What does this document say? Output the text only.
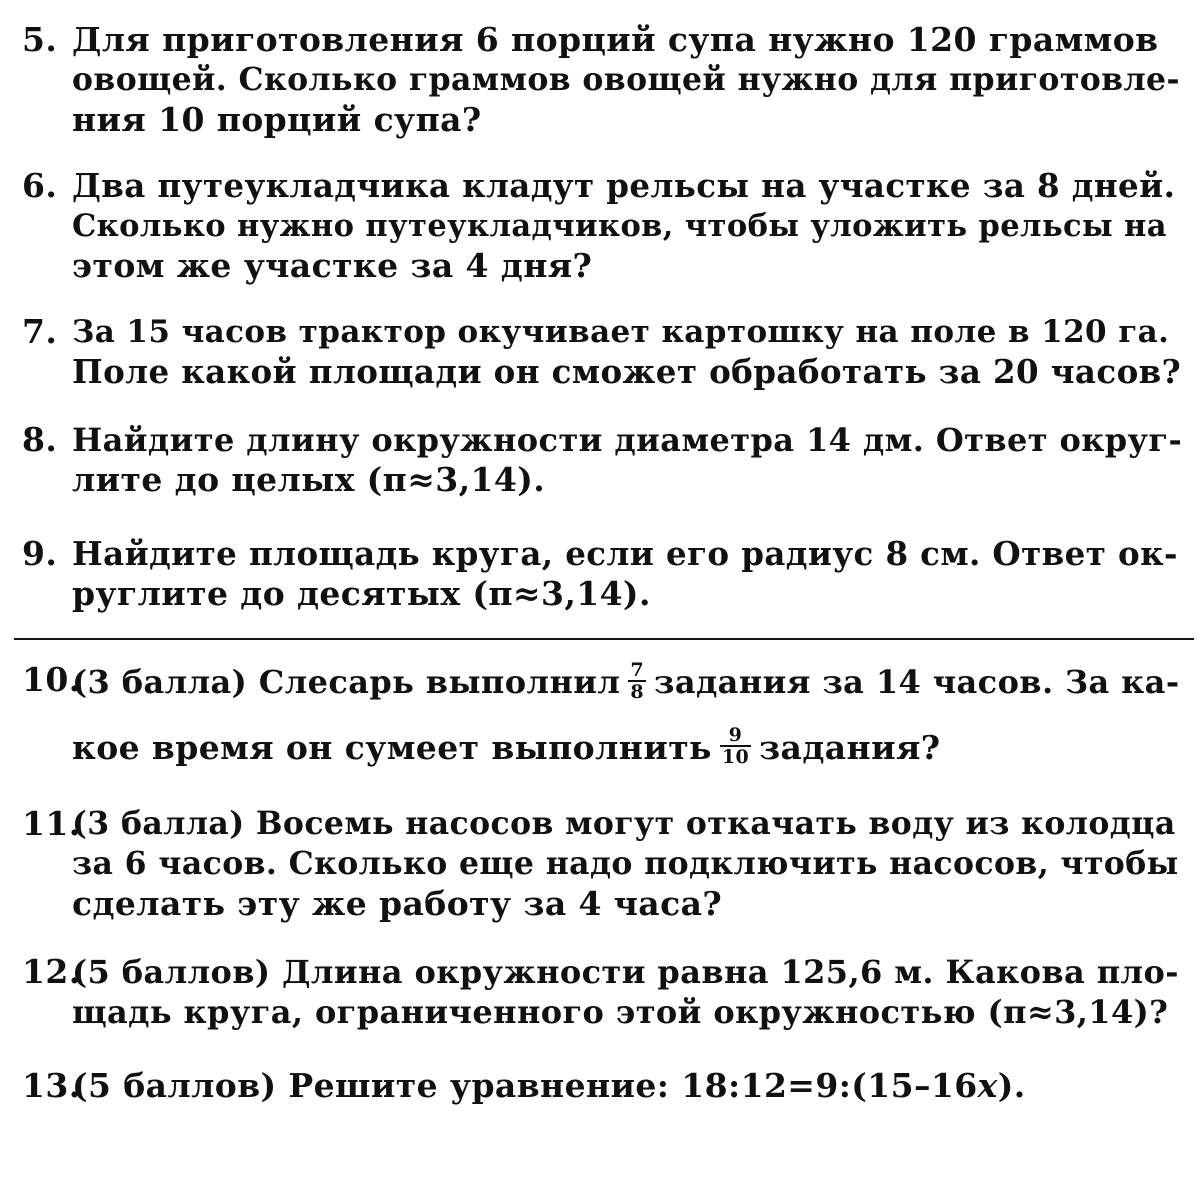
5. Для приготовления 6 порций супа нужно 120 граммов
овощей. Сколько граммов овощей нужно для приготовле-
ния 10 порций супа?
6. Два путеукладчика кладут рельсы на участке за 8 дней.
Сколько нужно путеукладчиков, чтобы уложить рельсы на
этом же участке за 4 дня?
7. За 15 часов трактор окучивает картошку на поле в 120 га.
Поле какой площади он сможет обработать за 20 часов?
8. Найдите длину окружности диаметра 14 дм. Ответ округ-
лите до целых (π≈3,14).
9. Найдите площадь круга, если его радиус 8 см. Ответ ок-
руглите до десятых (π≈3,14).
10.
(3 балла) Слесарь выполнил $\frac{7}{8}$ задания за 14 часов. За ка-
кое время он сумеет выполнить $\frac{9}{10}$ задания?
11.
(3 балла) Восемь насосов могут откачать воду из колодца
за 6 часов. Сколько еще надо подключить насосов, чтобы
сделать эту же работу за 4 часа?
12.
(5 баллов) Длина окружности равна 125,6 м. Какова пло-
щадь круга, ограниченного этой окружностью (π≈3,14)?
13.
(5 баллов) Решите уравнение: 18:12=9:(15–16x).
